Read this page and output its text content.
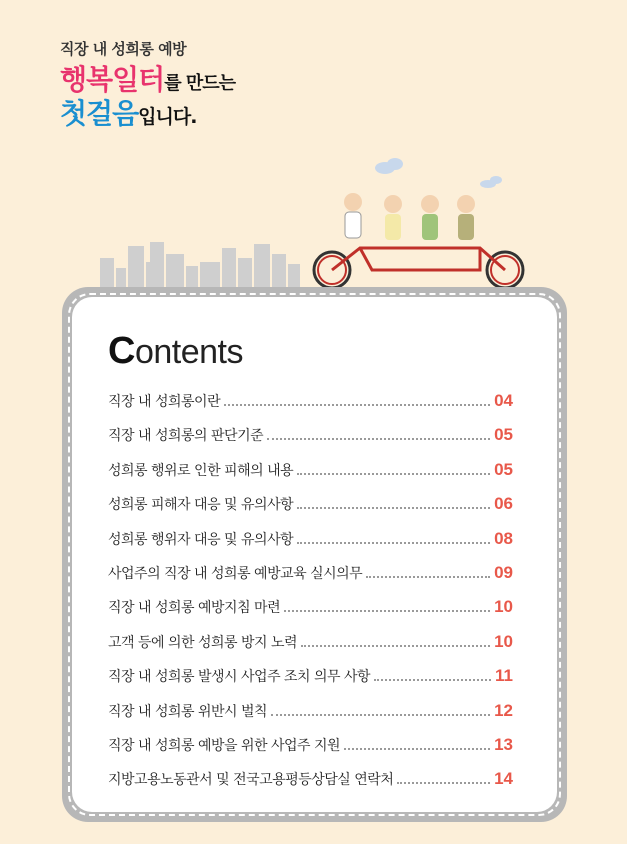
직장 내 성희롱 예방
행복일터를 만드는
첫걸음입니다.
Contents
직장 내 성희롱이란	04
직장 내 성희롱의 판단기준	05
성희롱 행위로 인한 피해의 내용	05
성희롱 피해자 대응 및 유의사항	06
성희롱 행위자 대응 및 유의사항	08
사업주의 직장 내 성희롱 예방교육 실시의무	09
직장 내 성희롱 예방지침 마련	10
고객 등에 의한 성희롱 방지 노력	10
직장 내 성희롱 발생시 사업주 조치 의무 사항	11
직장 내 성희롱 위반시 벌칙	12
직장 내 성희롱 예방을 위한 사업주 지원	13
지방고용노동관서 및 전국고용평등상담실 연락처	14
